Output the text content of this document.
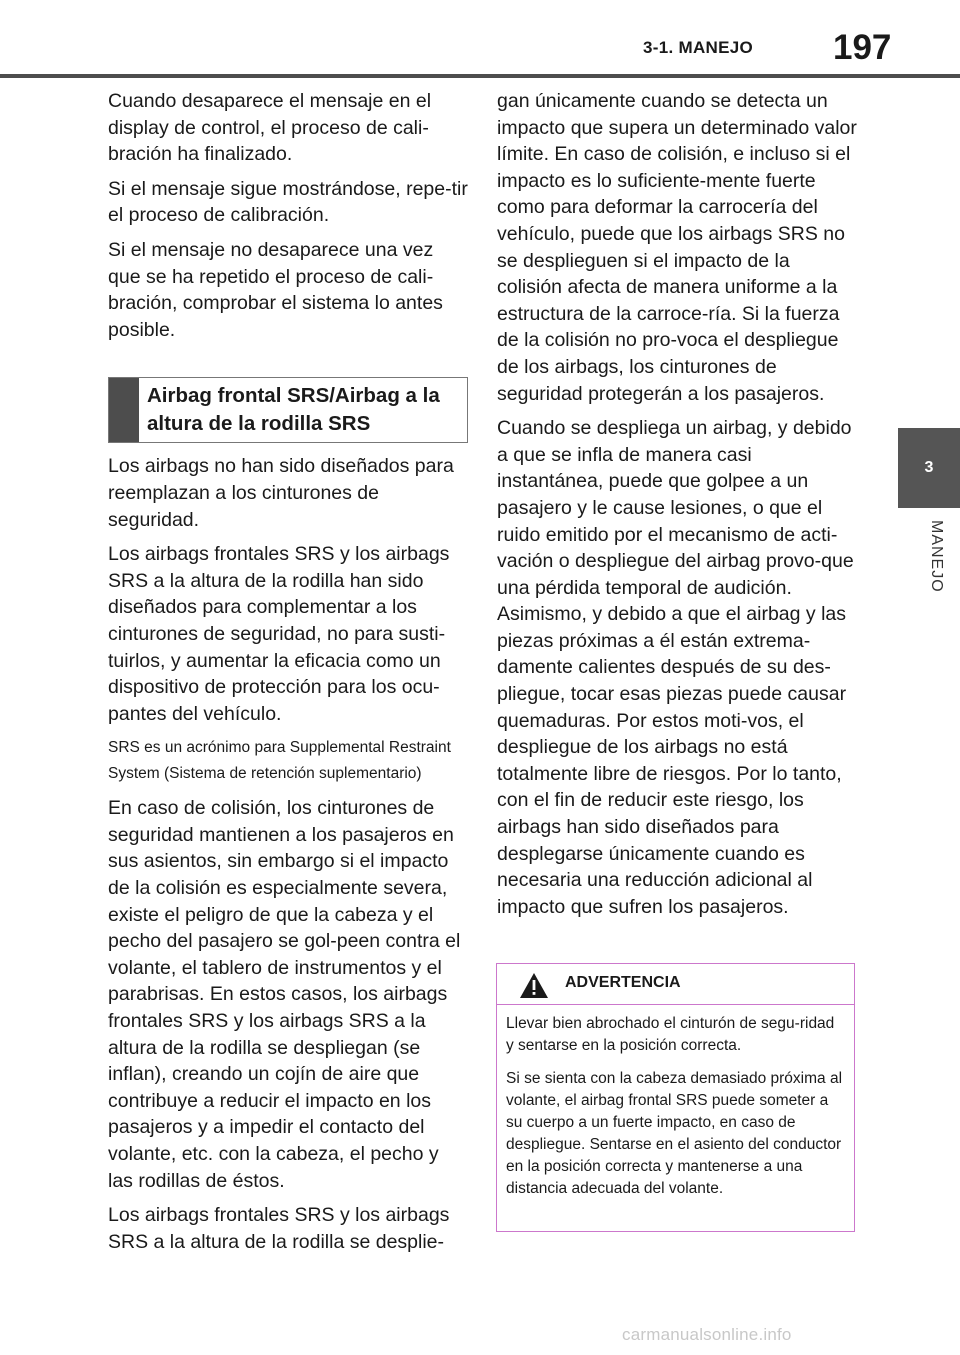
3-1. MANEJO 197
3
MANEJO

Cuando desaparece el mensaje en el display de control, el proceso de cali-bración ha finalizado.

Si el mensaje sigue mostrándose, repe-tir el proceso de calibración.

Si el mensaje no desaparece una vez que se ha repetido el proceso de cali-bración, comprobar el sistema lo antes posible.

Airbag frontal SRS/Airbag a la altura de la rodilla SRS

Los airbags no han sido diseñados para reemplazan a los cinturones de seguridad.

Los airbags frontales SRS y los airbags SRS a la altura de la rodilla han sido diseñados para complementar a los cinturones de seguridad, no para susti-tuirlos, y aumentar la eficacia como un dispositivo de protección para los ocu-pantes del vehículo.

SRS es un acrónimo para Supplemental Restraint System (Sistema de retención suplementario)

En caso de colisión, los cinturones de seguridad mantienen a los pasajeros en sus asientos, sin embargo si el impacto de la colisión es especialmente severa, existe el peligro de que la cabeza y el pecho del pasajero se gol-peen contra el volante, el tablero de instrumentos y el parabrisas. En estos casos, los airbags frontales SRS y los airbags SRS a la altura de la rodilla se despliegan (se inflan), creando un cojín de aire que contribuye a reducir el impacto en los pasajeros y a impedir el contacto del volante, etc. con la cabeza, el pecho y las rodillas de éstos.

Los airbags frontales SRS y los airbags SRS a la altura de la rodilla se desplie-

gan únicamente cuando se detecta un impacto que supera un determinado valor límite. En caso de colisión, e incluso si el impacto es lo suficiente-mente fuerte como para deformar la carrocería del vehículo, puede que los airbags SRS no se desplieguen si el impacto de la colisión afecta de manera uniforme a la estructura de la carroce-ría. Si la fuerza de la colisión no pro-voca el despliegue de los airbags, los cinturones de seguridad protegerán a los pasajeros.

Cuando se despliega un airbag, y debido a que se infla de manera casi instantánea, puede que golpee a un pasajero y le cause lesiones, o que el ruido emitido por el mecanismo de acti-vación o despliegue del airbag provo-que una pérdida temporal de audición. Asimismo, y debido a que el airbag y las piezas próximas a él están extrema-damente calientes después de su des-pliegue, tocar esas piezas puede causar quemaduras. Por estos moti-vos, el despliegue de los airbags no está totalmente libre de riesgos. Por lo tanto, con el fin de reducir este riesgo, los airbags han sido diseñados para desplegarse únicamente cuando es necesaria una reducción adicional al impacto que sufren los pasajeros.

ADVERTENCIA

Llevar bien abrochado el cinturón de segu-ridad y sentarse en la posición correcta.

Si se sienta con la cabeza demasiado próxima al volante, el airbag frontal SRS puede someter a su cuerpo a un fuerte impacto, en caso de despliegue. Sentarse en el asiento del conductor en la posición correcta y mantenerse a una distancia adecuada del volante.

carmanualsonline.info
